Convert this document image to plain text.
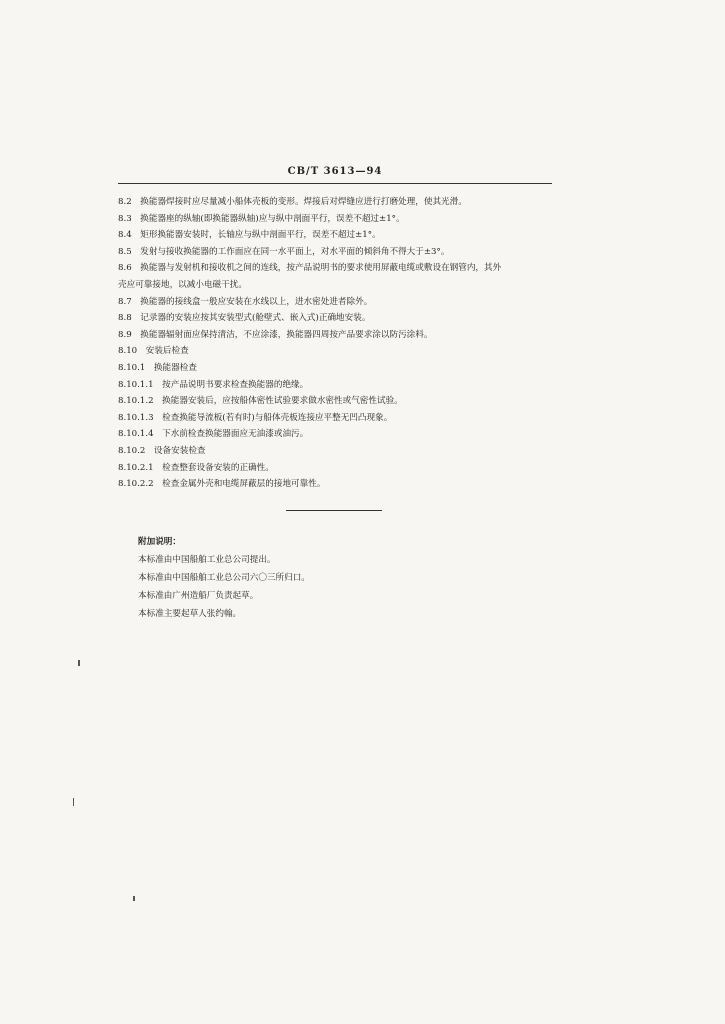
CB/T 3613—94
8.2  换能器焊接时应尽量减小船体壳板的变形。焊接后对焊缝应进行打磨处理，使其光滑。
8.3  换能器座的纵轴(即换能器纵轴)应与纵中剖面平行，误差不超过±1°。
8.4  矩形换能器安装时，长轴应与纵中剖面平行，误差不超过±1°。
8.5  发射与接收换能器的工作面应在同一水平面上，对水平面的倾斜角不得大于±3°。
8.6  换能器与发射机和接收机之间的连线，按产品说明书的要求使用屏蔽电缆或敷设在钢管内，其外
壳应可靠接地，以减小电磁干扰。
8.7  换能器的接线盒一般应安装在水线以上，进水密处进者除外。
8.8  记录器的安装应按其安装型式(舱壁式、嵌入式)正确地安装。
8.9  换能器辐射面应保持清洁，不应涂漆，换能器四周按产品要求涂以防污涂料。
8.10  安装后检查
8.10.1  换能器检查
8.10.1.1  按产品说明书要求检查换能器的绝缘。
8.10.1.2  换能器安装后，应按船体密性试验要求做水密性或气密性试验。
8.10.1.3  检查换能导流板(若有时)与船体壳板连接应平整无凹凸现象。
8.10.1.4  下水前检查换能器面应无油漆或油污。
8.10.2  设备安装检查
8.10.2.1  检查整套设备安装的正确性。
8.10.2.2  检查金属外壳和电缆屏蔽层的接地可靠性。
附加说明：
本标准由中国船舶工业总公司提出。
本标准由中国船舶工业总公司六〇三所归口。
本标准由广州造船厂负责起草。
本标准主要起草人张约翰。
